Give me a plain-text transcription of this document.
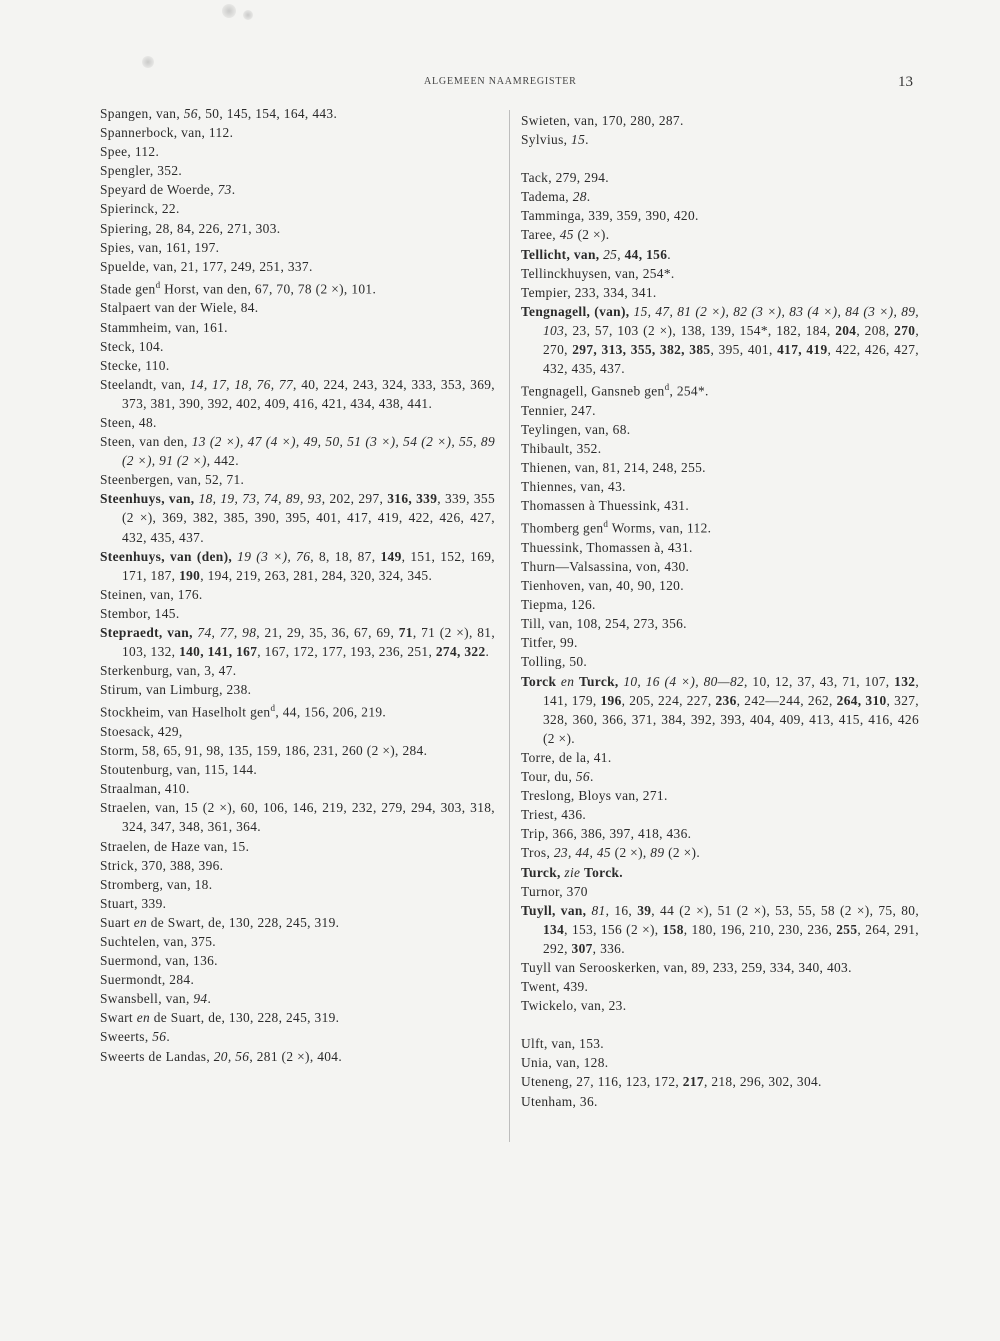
ALGEMEEN NAAMREGISTER	13
Spangen, van, 56, 50, 145, 154, 164, 443.
Spannerbock, van, 112.
Spee, 112.
Spengler, 352.
Speyard de Woerde, 73.
Spierinck, 22.
Spiering, 28, 84, 226, 271, 303.
Spies, van, 161, 197.
Spuelde, van, 21, 177, 249, 251, 337.
Stade gen$^d$ Horst, van den, 67, 70, 78 (2 ×), 101.
Stalpaert van der Wiele, 84.
Stammheim, van, 161.
Steck, 104.
Stecke, 110.
Steelandt, van, 14, 17, 18, 76, 77, 40, 224, 243, 324, 333, 353, 369, 373, 381, 390, 392, 402, 409, 416, 421, 434, 438, 441.
Steen, 48.
Steen, van den, 13 (2 ×), 47 (4 ×), 49, 50, 51 (3 ×), 54 (2 ×), 55, 89 (2 ×), 91 (2 ×), 442.
Steenbergen, van, 52, 71.
Steenhuys, van, 18, 19, 73, 74, 89, 93, 202, 297, 316, 339, 339, 355 (2 ×), 369, 382, 385, 390, 395, 401, 417, 419, 422, 426, 427, 432, 435, 437.
Steenhuys, van (den), 19 (3 ×), 76, 8, 18, 87, 149, 151, 152, 169, 171, 187, 190, 194, 219, 263, 281, 284, 320, 324, 345.
Steinen, van, 176.
Stembor, 145.
Stepraedt, van, 74, 77, 98, 21, 29, 35, 36, 67, 69, 71, 71 (2 ×), 81, 103, 132, 140, 141, 167, 167, 172, 177, 193, 236, 251, 274, 322.
Sterkenburg, van, 3, 47.
Stirum, van Limburg, 238.
Stockheim, van Haselholt gen$^d$, 44, 156, 206, 219.
Stoesack, 429,
Storm, 58, 65, 91, 98, 135, 159, 186, 231, 260 (2 ×), 284.
Stoutenburg, van, 115, 144.
Straalman, 410.
Straelen, van, 15 (2 ×), 60, 106, 146, 219, 232, 279, 294, 303, 318, 324, 347, 348, 361, 364.
Straelen, de Haze van, 15.
Strick, 370, 388, 396.
Stromberg, van, 18.
Stuart, 339.
Suart en de Swart, de, 130, 228, 245, 319.
Suchtelen, van, 375.
Suermond, van, 136.
Suermondt, 284.
Swansbell, van, 94.
Swart en de Suart, de, 130, 228, 245, 319.
Sweerts, 56.
Sweerts de Landas, 20, 56, 281 (2 ×), 404.
Swieten, van, 170, 280, 287.
Sylvius, 15.
Tack, 279, 294.
Tadema, 28.
Tamminga, 339, 359, 390, 420.
Taree, 45 (2 ×).
Tellicht, van, 25, 44, 156.
Tellinckhuysen, van, 254*.
Tempier, 233, 334, 341.
Tengnagell, (van), 15, 47, 81 (2 ×), 82 (3 ×), 83 (4 ×), 84 (3 ×), 89, 103, 23, 57, 103 (2 ×), 138, 139, 154*, 182, 184, 204, 208, 270, 270, 297, 313, 355, 382, 385, 395, 401, 417, 419, 422, 426, 427, 432, 435, 437.
Tengnagell, Gansneb gen$^d$, 254*.
Tennier, 247.
Teylingen, van, 68.
Thibault, 352.
Thienen, van, 81, 214, 248, 255.
Thiennes, van, 43.
Thomassen à Thuessink, 431.
Thomberg gen$^d$ Worms, van, 112.
Thuessink, Thomassen à, 431.
Thurn—Valsassina, von, 430.
Tienhoven, van, 40, 90, 120.
Tiepma, 126.
Till, van, 108, 254, 273, 356.
Titfer, 99.
Tolling, 50.
Torck en Turck, 10, 16 (4 ×), 80—82, 10, 12, 37, 43, 71, 107, 132, 141, 179, 196, 205, 224, 227, 236, 242—244, 262, 264, 310, 327, 328, 360, 366, 371, 384, 392, 393, 404, 409, 413, 415, 416, 426 (2 ×).
Torre, de la, 41.
Tour, du, 56.
Treslong, Bloys van, 271.
Triest, 436.
Trip, 366, 386, 397, 418, 436.
Tros, 23, 44, 45 (2 ×), 89 (2 ×).
Turck, zie Torck.
Turnor, 370
Tuyll, van, 81, 16, 39, 44 (2 ×), 51 (2 ×), 53, 55, 58 (2 ×), 75, 80, 134, 153, 156 (2 ×), 158, 180, 196, 210, 230, 236, 255, 264, 291, 292, 307, 336.
Tuyll van Serooskerken, van, 89, 233, 259, 334, 340, 403.
Twent, 439.
Twickelo, van, 23.
Ulft, van, 153.
Unia, van, 128.
Uteneng, 27, 116, 123, 172, 217, 218, 296, 302, 304.
Utenham, 36.
